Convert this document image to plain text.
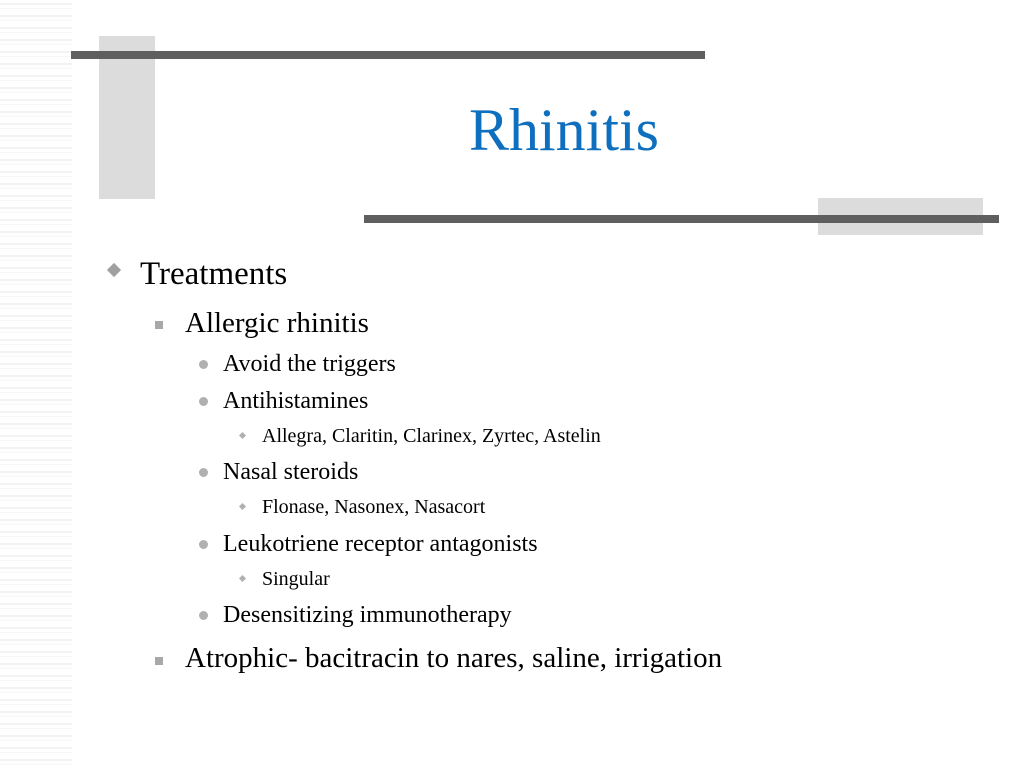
Rhinitis
Treatments
Allergic rhinitis
Avoid the triggers
Antihistamines
Allegra, Claritin, Clarinex, Zyrtec, Astelin
Nasal steroids
Flonase, Nasonex, Nasacort
Leukotriene receptor antagonists
Singular
Desensitizing immunotherapy
Atrophic- bacitracin to nares, saline, irrigation
